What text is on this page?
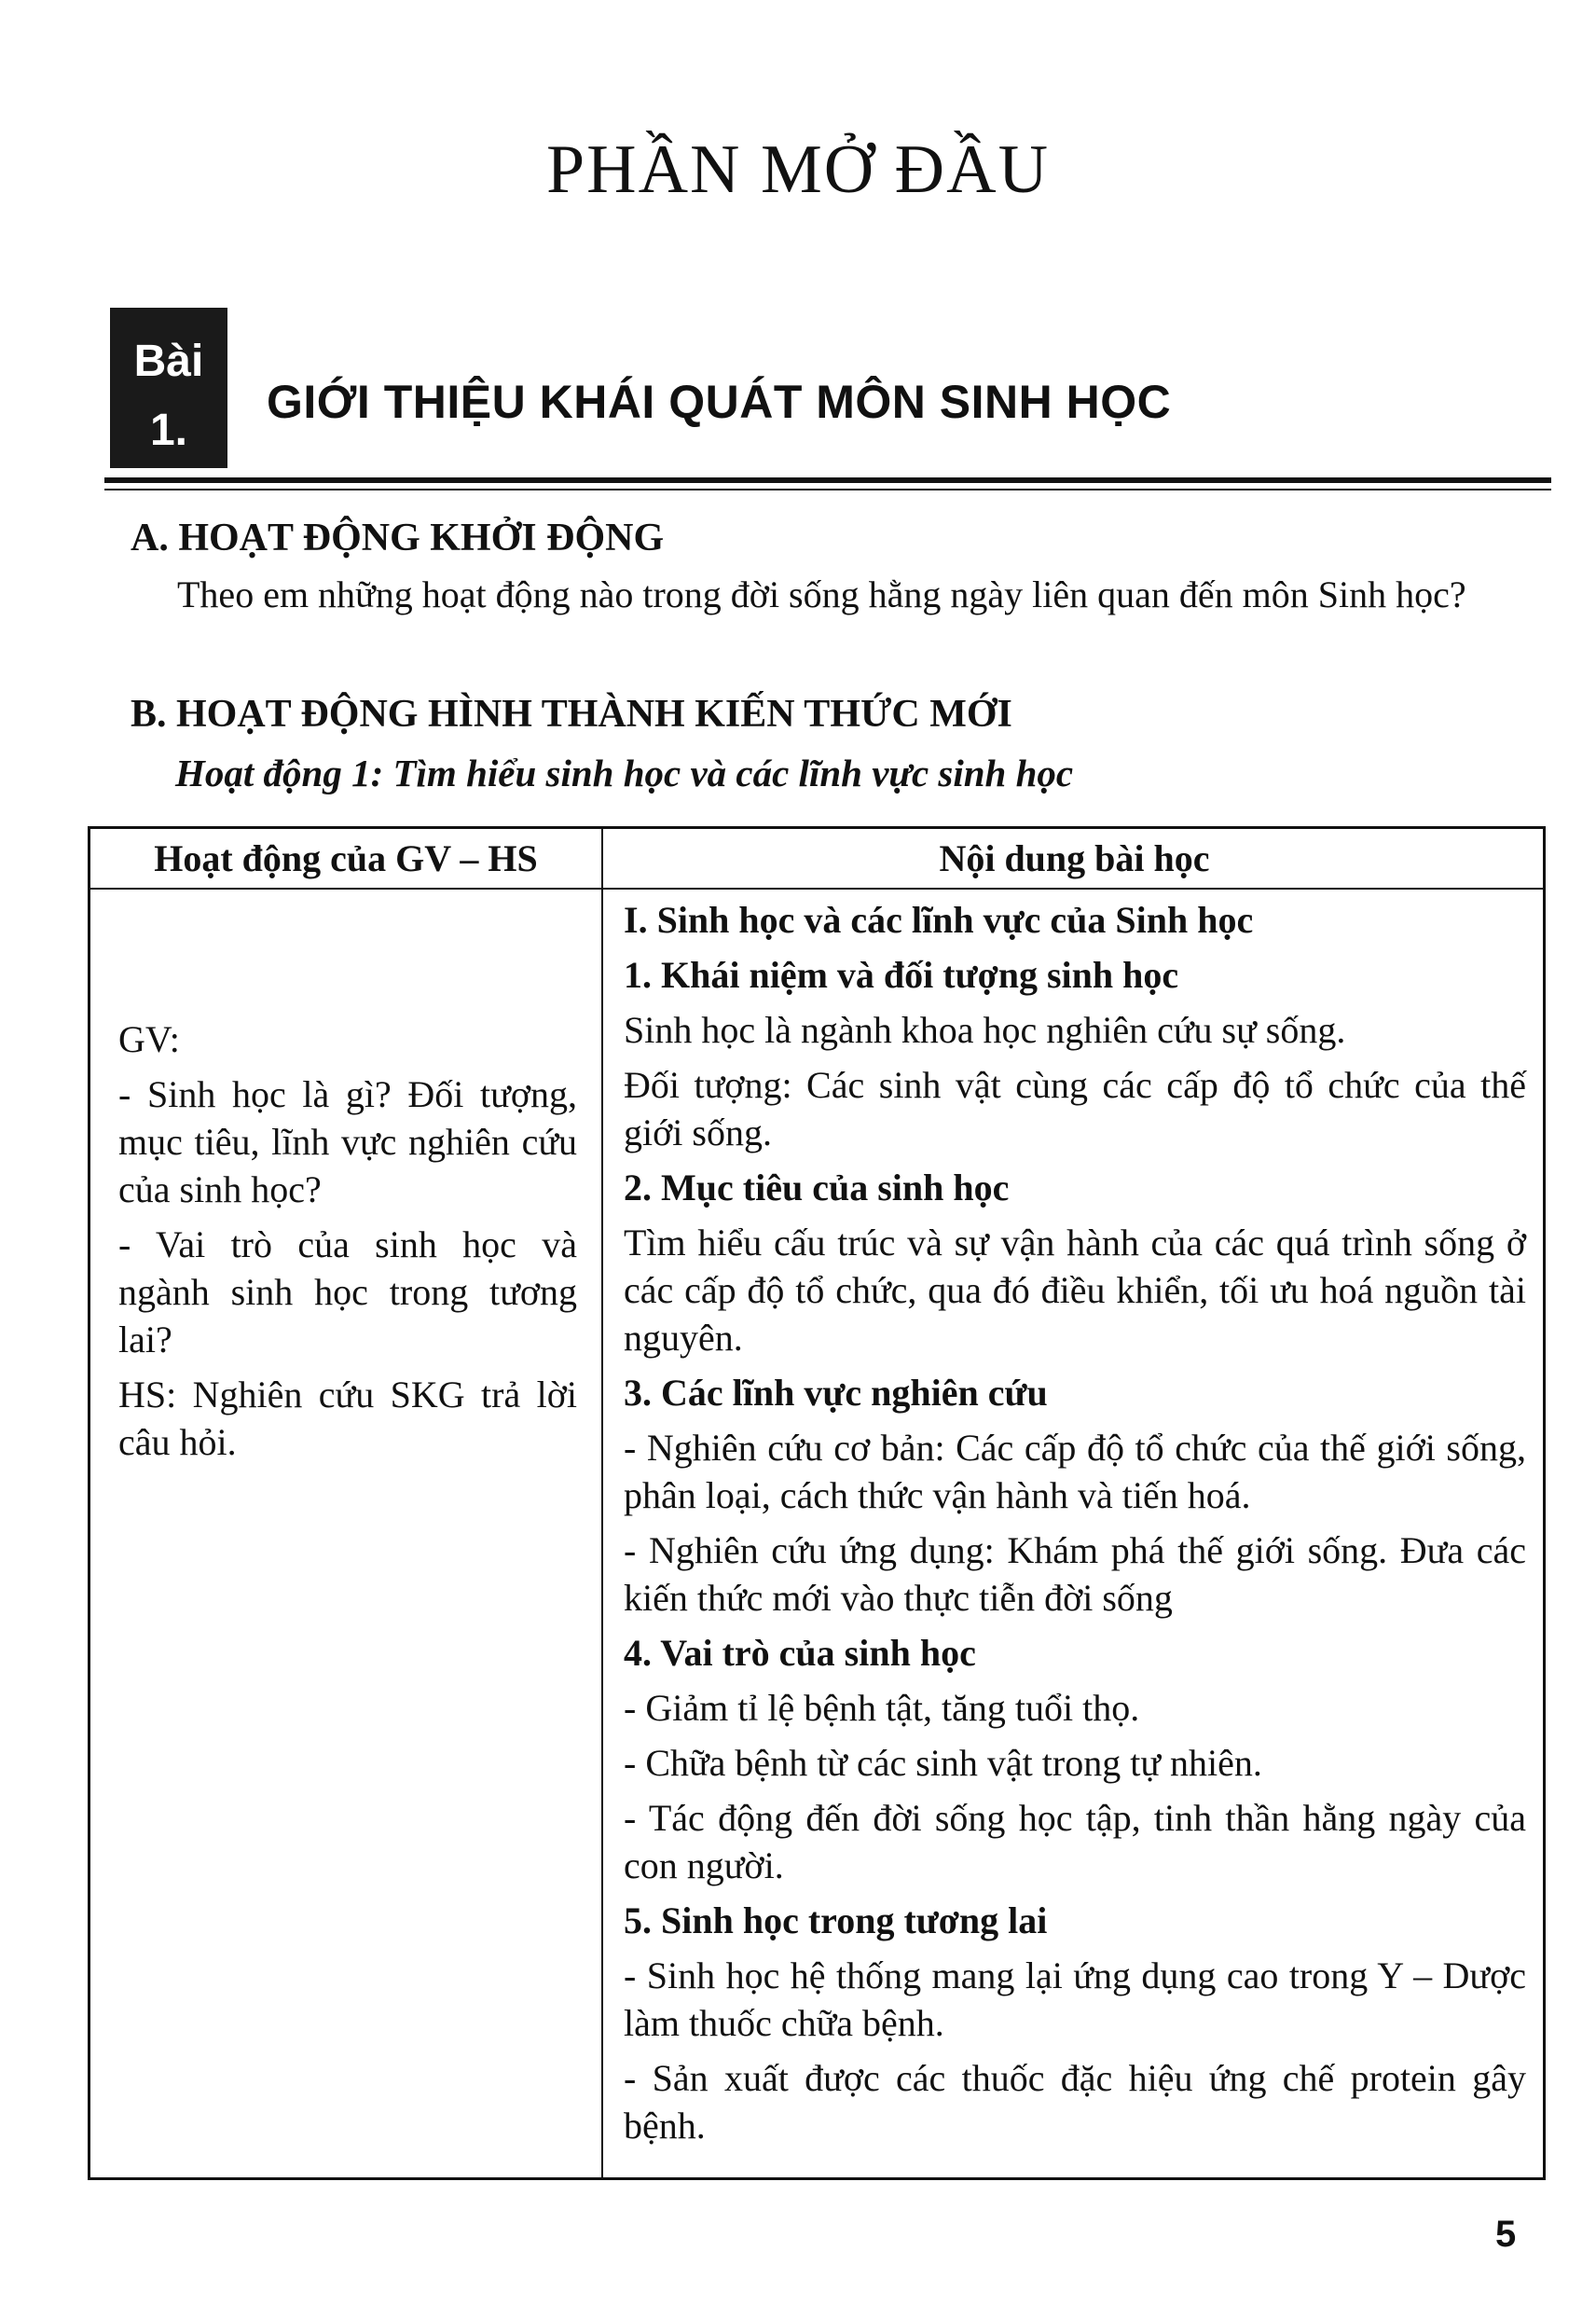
PHẦN MỞ ĐẦU
Bài
1.
GIỚI THIỆU KHÁI QUÁT MÔN SINH HỌC
A. HOẠT ĐỘNG KHỞI ĐỘNG
Theo em những hoạt động nào trong đời sống hằng ngày liên quan đến môn Sinh học?
B. HOẠT ĐỘNG HÌNH THÀNH KIẾN THỨC MỚI
Hoạt động 1: Tìm hiểu sinh học và các lĩnh vực sinh học
Hoạt động của GV – HS	Nội dung bài học
GV:
- Sinh học là gì? Đối tượng, mục tiêu, lĩnh vực nghiên cứu của sinh học?
- Vai trò của sinh học và ngành sinh học trong tương lai?
HS: Nghiên cứu SKG trả lời câu hỏi.
I. Sinh học và các lĩnh vực của Sinh học
1. Khái niệm và đối tượng sinh học
Sinh học là ngành khoa học nghiên cứu sự sống.
Đối tượng: Các sinh vật cùng các cấp độ tổ chức của thế giới sống.
2. Mục tiêu của sinh học
Tìm hiểu cấu trúc và sự vận hành của các quá trình sống ở các cấp độ tổ chức, qua đó điều khiển, tối ưu hoá nguồn tài nguyên.
3. Các lĩnh vực nghiên cứu
- Nghiên cứu cơ bản: Các cấp độ tổ chức của thế giới sống, phân loại, cách thức vận hành và tiến hoá.
- Nghiên cứu ứng dụng: Khám phá thế giới sống. Đưa các kiến thức mới vào thực tiễn đời sống
4. Vai trò của sinh học
- Giảm tỉ lệ bệnh tật, tăng tuổi thọ.
- Chữa bệnh từ các sinh vật trong tự nhiên.
- Tác động đến đời sống học tập, tinh thần hằng ngày của con người.
5. Sinh học trong tương lai
- Sinh học hệ thống mang lại ứng dụng cao trong Y – Dược làm thuốc chữa bệnh.
- Sản xuất được các thuốc đặc hiệu ứng chế protein gây bệnh.
5
